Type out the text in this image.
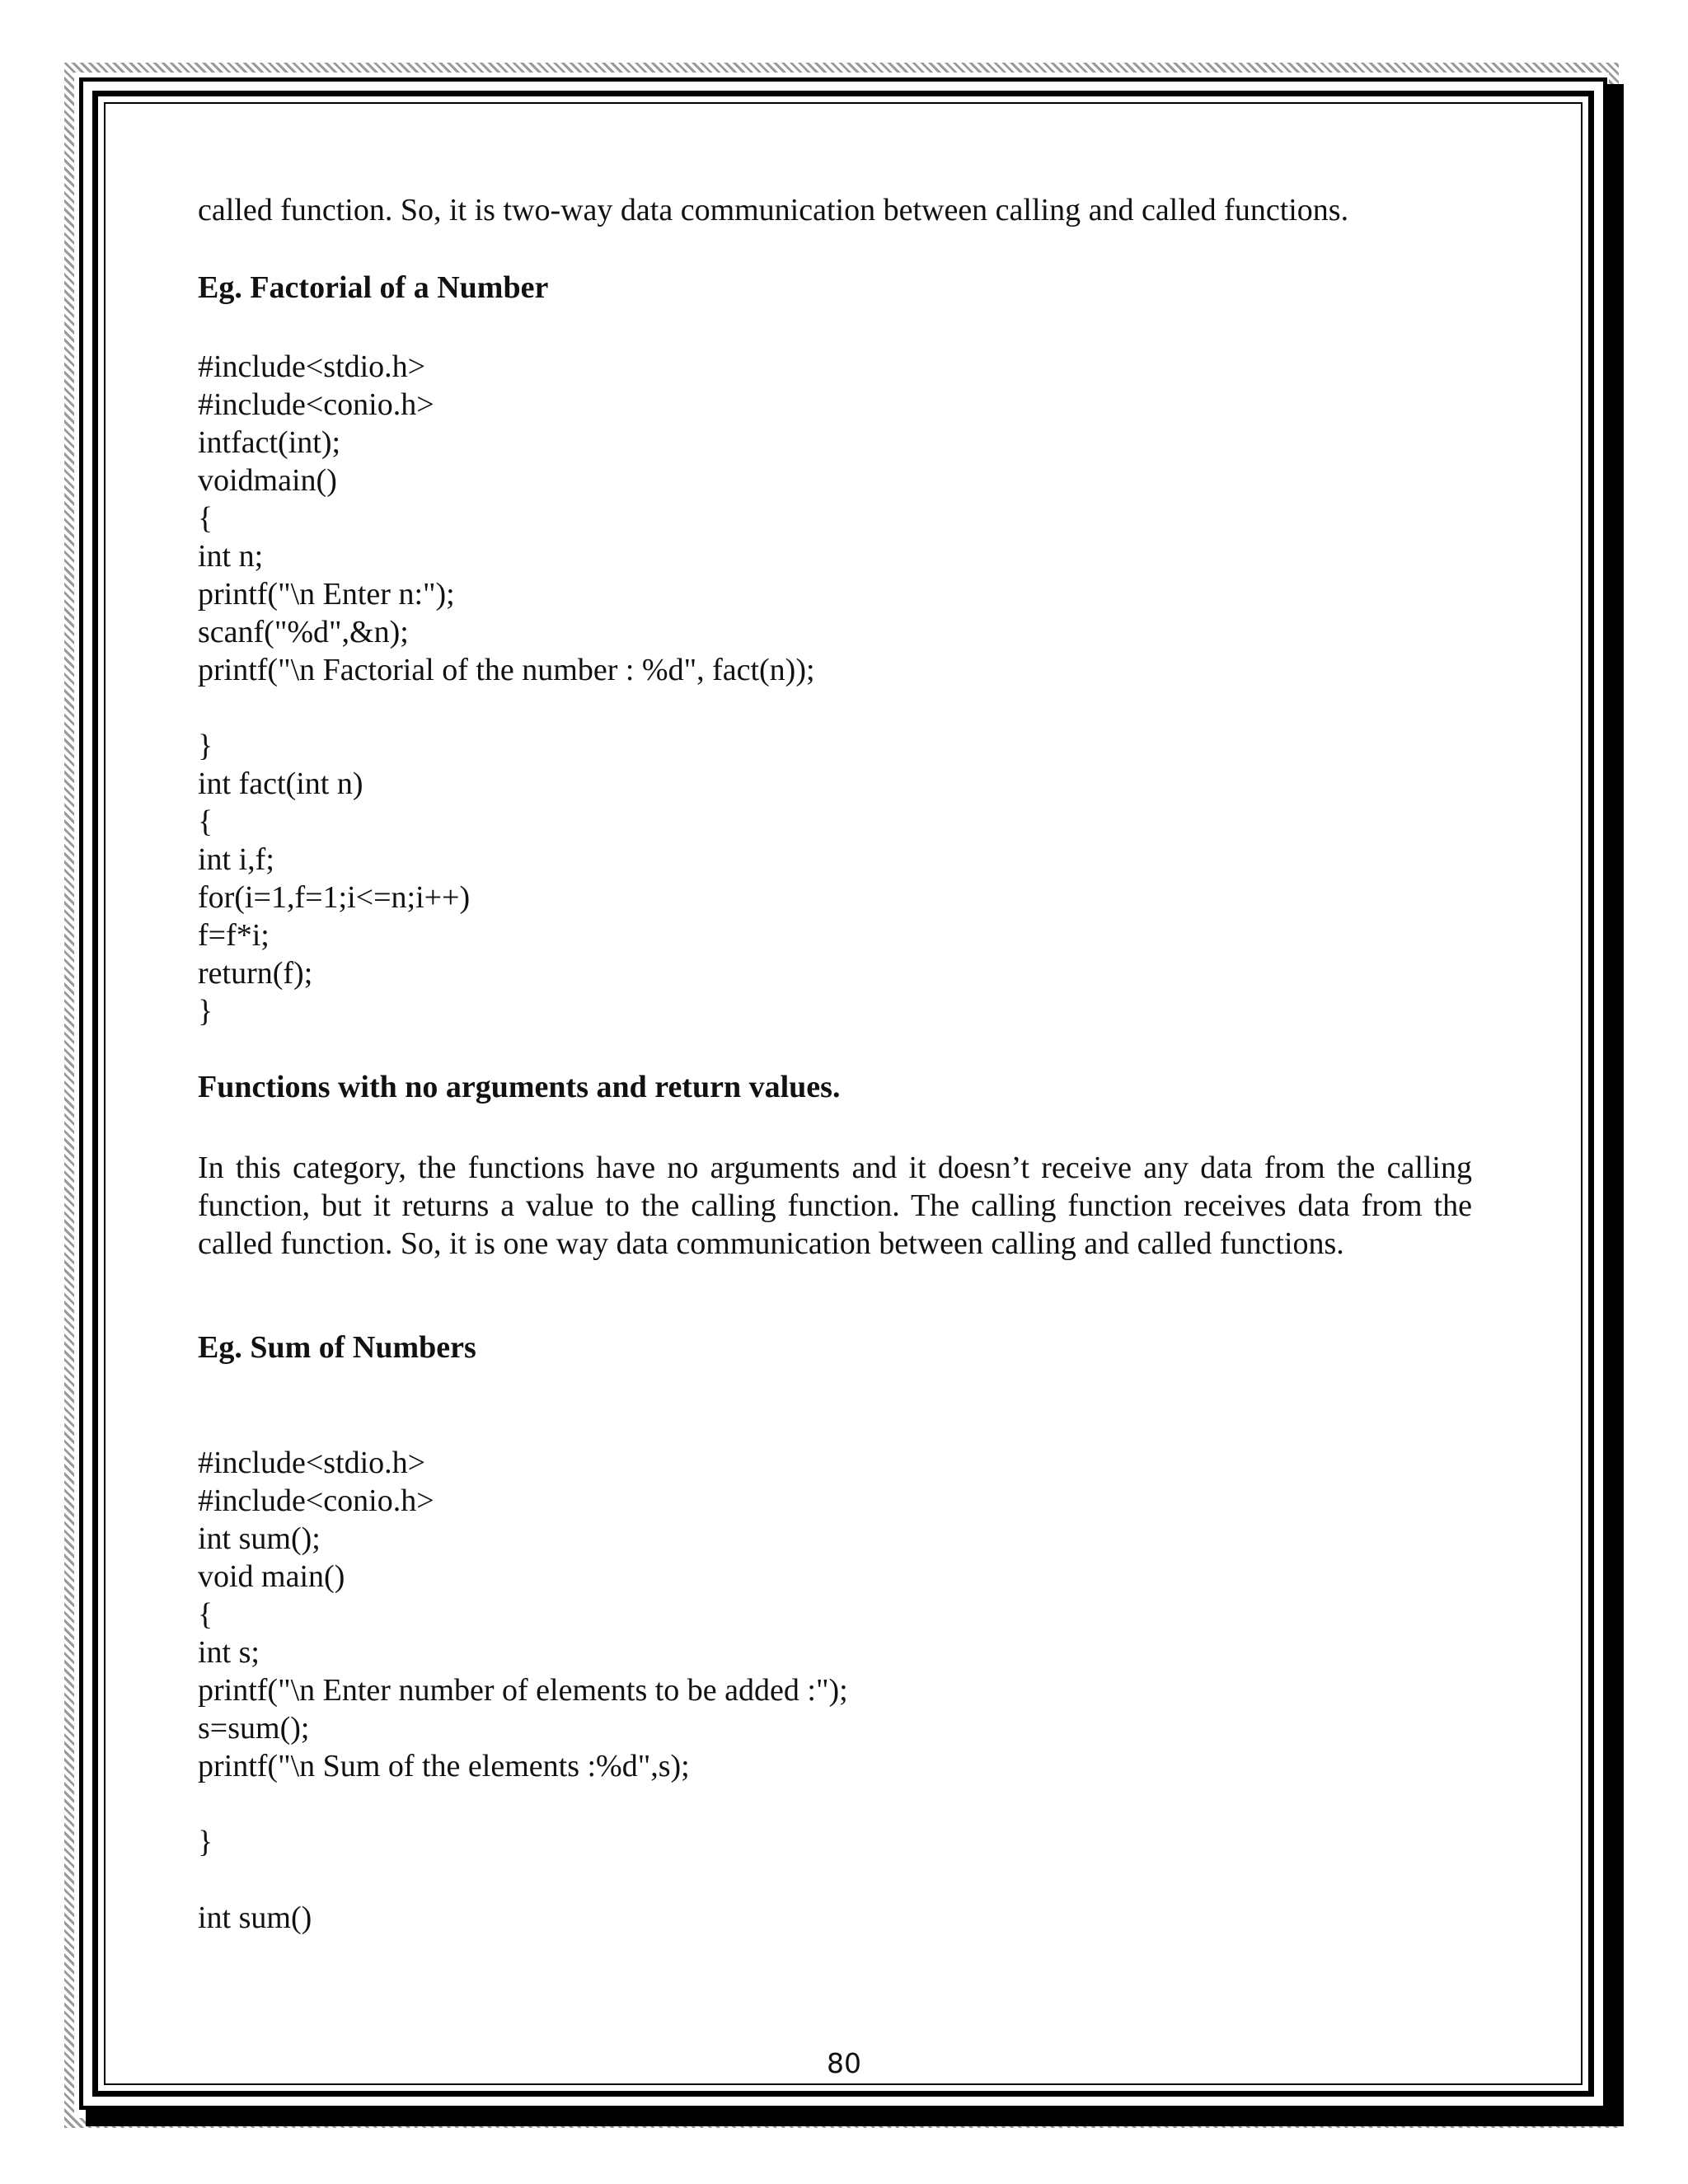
called function. So, it is two-way data communication between calling and called functions.

Eg. Factorial of a Number

#include<stdio.h>

#include<conio.h>

intfact(int);

voidmain()

{

int n;

printf("\n Enter n:");

scanf("%d",&n);

printf("\n Factorial of the number : %d", fact(n));

}

int fact(int n)

{

int i,f;

for(i=1,f=1;i<=n;i++)

f=f*i;

return(f);

}

Functions with no arguments and return values.

In this category, the functions have no arguments and it doesn’t receive any data from the calling function, but it returns a value to the calling function. The calling function receives data from the called function. So, it is one way data communication between calling and called functions.

Eg. Sum of Numbers

#include<stdio.h>

#include<conio.h>

int sum();

void main()

{

int s;

printf("\n Enter number of elements to be added :");

s=sum();

printf("\n Sum of the elements :%d",s);

}

int sum()

80
